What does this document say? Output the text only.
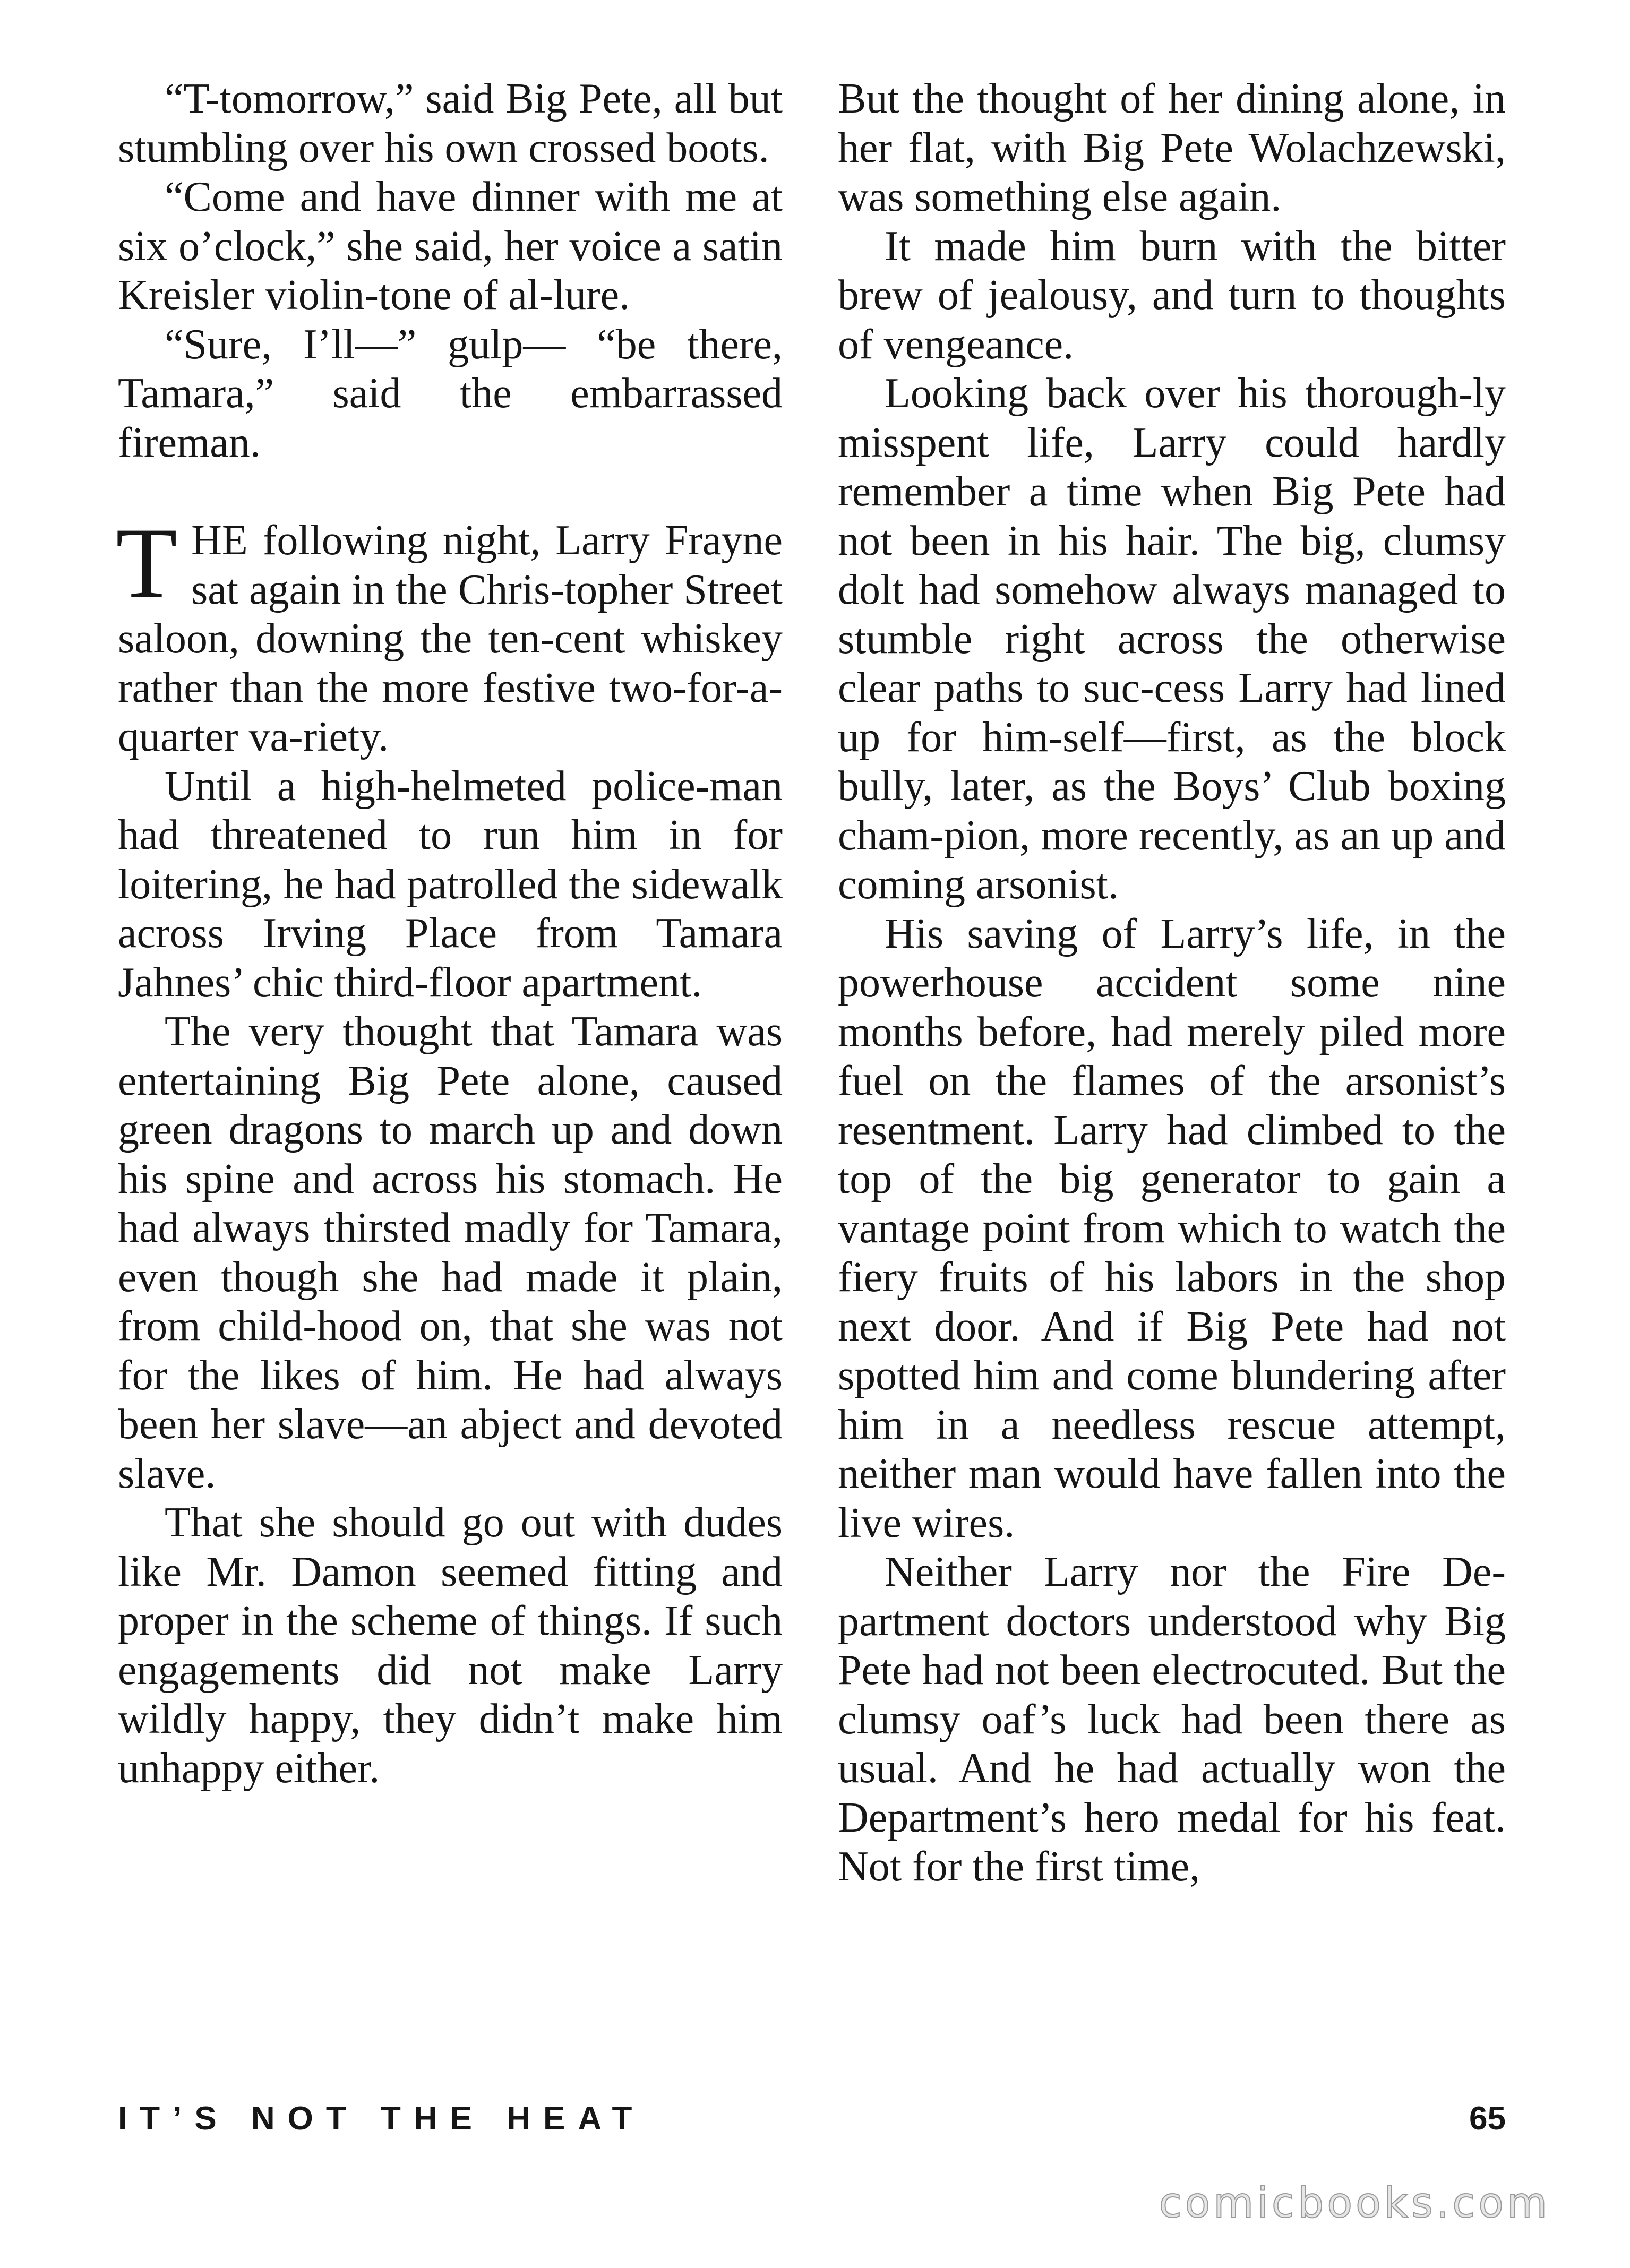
“T-tomorrow,” said Big Pete, all but stumbling over his own crossed boots.

“Come and have dinner with me at six o’clock,” she said, her voice a satin Kreisler violin-tone of al-lure.

“Sure, I’ll—” gulp— “be there, Tamara,” said the embarrassed fireman.

THE following night, Larry Frayne sat again in the Chris-topher Street saloon, downing the ten-cent whiskey rather than the more festive two-for-a-quarter va-riety.

Until a high-helmeted police-man had threatened to run him in for loitering, he had patrolled the sidewalk across Irving Place from Tamara Jahnes’ chic third-floor apartment.

The very thought that Tamara was entertaining Big Pete alone, caused green dragons to march up and down his spine and across his stomach. He had always thirsted madly for Tamara, even though she had made it plain, from child-hood on, that she was not for the likes of him. He had always been her slave—an abject and devoted slave.

That she should go out with dudes like Mr. Damon seemed fitting and proper in the scheme of things. If such engagements did not make Larry wildly happy, they didn’t make him unhappy either.

But the thought of her dining alone, in her flat, with Big Pete Wolachzewski, was something else again.

It made him burn with the bitter brew of jealousy, and turn to thoughts of vengeance.

Looking back over his thorough-ly misspent life, Larry could hardly remember a time when Big Pete had not been in his hair. The big, clumsy dolt had somehow always managed to stumble right across the otherwise clear paths to suc-cess Larry had lined up for him-self—first, as the block bully, later, as the Boys’ Club boxing cham-pion, more recently, as an up and coming arsonist.

His saving of Larry’s life, in the powerhouse accident some nine months before, had merely piled more fuel on the flames of the arsonist’s resentment. Larry had climbed to the top of the big generator to gain a vantage point from which to watch the fiery fruits of his labors in the shop next door. And if Big Pete had not spotted him and come blundering after him in a needless rescue attempt, neither man would have fallen into the live wires.

Neither Larry nor the Fire De-partment doctors understood why Big Pete had not been electrocuted. But the clumsy oaf’s luck had been there as usual. And he had actually won the Department’s hero medal for his feat. Not for the first time,

IT’S NOT THE HEAT	65
comicbooks.com
